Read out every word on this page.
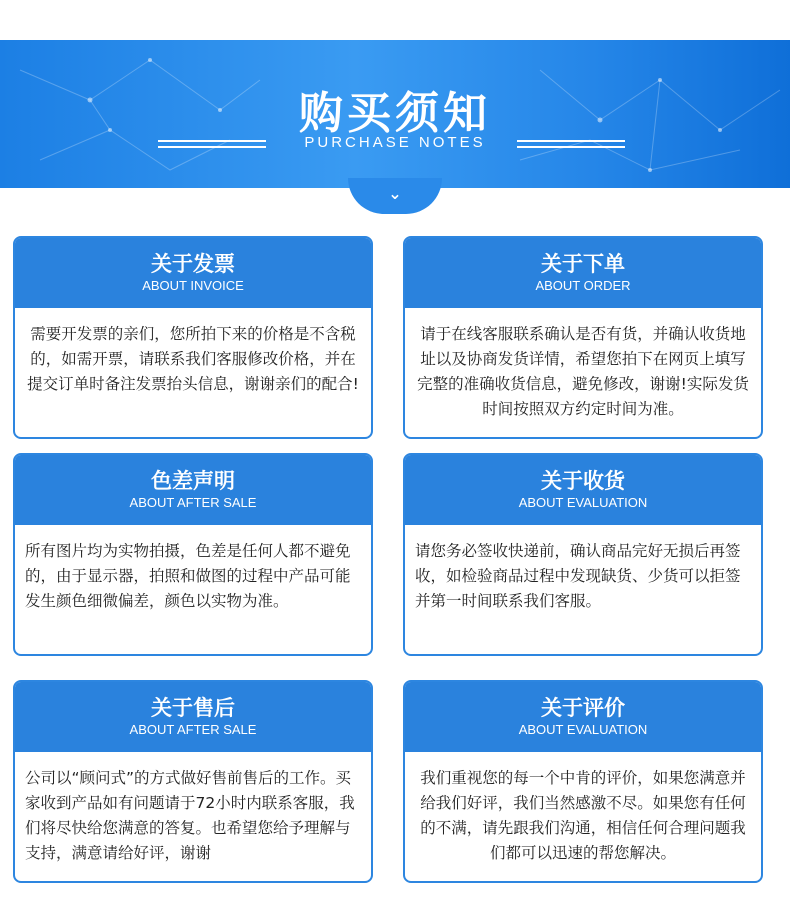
购买须知
PURCHASE NOTES
⌄
关于发票
ABOUT INVOICE
需要开发票的亲们，您所拍下来的价格是不含税的，如需开票，请联系我们客服修改价格，并在提交订单时备注发票抬头信息，谢谢亲们的配合!
关于下单
ABOUT ORDER
请于在线客服联系确认是否有货，并确认收货地址以及协商发货详情，希望您拍下在网页上填写完整的准确收货信息，避免修改，谢谢!实际发货时间按照双方约定时间为准。
色差声明
ABOUT AFTER SALE
所有图片均为实物拍摄，色差是任何人都不避免的，由于显示器，拍照和做图的过程中产品可能发生颜色细微偏差，颜色以实物为准。
关于收货
ABOUT EVALUATION
请您务必签收快递前，确认商品完好无损后再签收，如检验商品过程中发现缺货、少货可以拒签并第一时间联系我们客服。
关于售后
ABOUT AFTER SALE
公司以“顾问式”的方式做好售前售后的工作。买家收到产品如有问题请于72小时内联系客服，我们将尽快给您满意的答复。也希望您给予理解与支持，满意请给好评，谢谢
关于评价
ABOUT EVALUATION
我们重视您的每一个中肯的评价，如果您满意并给我们好评，我们当然感激不尽。如果您有任何的不满，请先跟我们沟通，相信任何合理问题我们都可以迅速的帮您解决。
